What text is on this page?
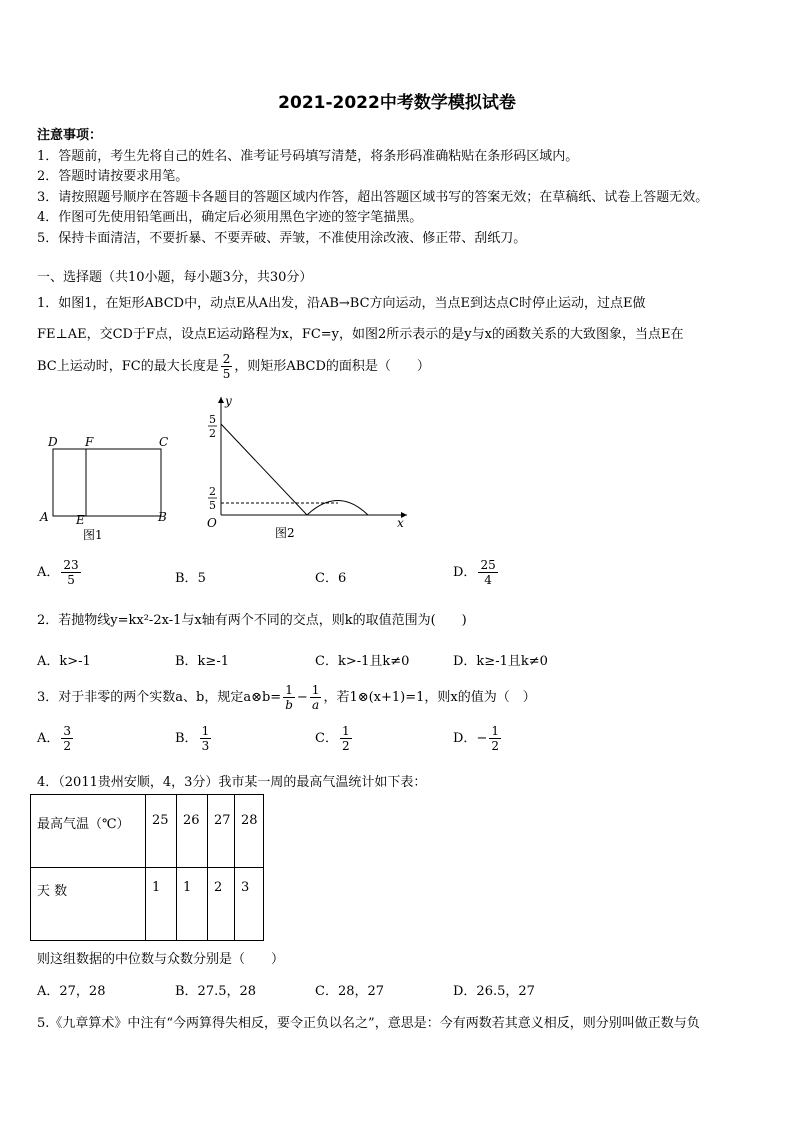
2021-2022中考数学模拟试卷
注意事项：
1．答题前，考生先将自己的姓名、准考证号码填写清楚，将条形码准确粘贴在条形码区域内。
2．答题时请按要求用笔。
3．请按照题号顺序在答题卡各题目的答题区域内作答，超出答题区域书写的答案无效；在草稿纸、试卷上答题无效。
4．作图可先使用铅笔画出，确定后必须用黑色字迹的签字笔描黑。
5．保持卡面清洁，不要折暴、不要弄破、弄皱，不准使用涂改液、修正带、刮纸刀。
一、选择题（共10小题，每小题3分，共30分）
1．如图1，在矩形ABCD中，动点E从A出发，沿AB→BC方向运动，当点E到达点C时停止运动，过点E做
FE⊥AE，交CD于F点，设点E运动路程为x，FC=y，如图2所示表示的是y与x的函数关系的大致图象，当点E在
BC上运动时，FC的最大长度是 $\frac{2}{5}$ ，则矩形ABCD的面积是（　　）
D F	C
A E	B
图1
y
x
O
5
2
2
5
图2
A． $\frac{23}{5}$	B．5	C．6	D． $\frac{25}{4}$
2．若抛物线y=kx²-2x-1与x轴有两个不同的交点，则k的取值范围为(　　)
A．k>-1	B．k≥-1	C．k>-1且k≠0	D．k≥-1且k≠0
3．对于非零的两个实数a、b，规定a⊗b= $\frac{1}{b} - \frac{1}{a}$ ，若1⊗(x+1)=1，则x的值为（　）
A． $\frac{3}{2}$	B． $\frac{1}{3}$	C． $\frac{1}{2}$	D．− $\frac{1}{2}$
4．（2011贵州安顺，4，3分）我市某一周的最高气温统计如下表：
最高气温（℃）	25	26	27	28

天 数	1	1	2	3
则这组数据的中位数与众数分别是（　　）
A．27，28	B．27.5，28	C．28，27	D．26.5，27
5.《九章算术》中注有“今两算得失相反，要令正负以名之”，意思是：今有两数若其意义相反，则分别叫做正数与负
